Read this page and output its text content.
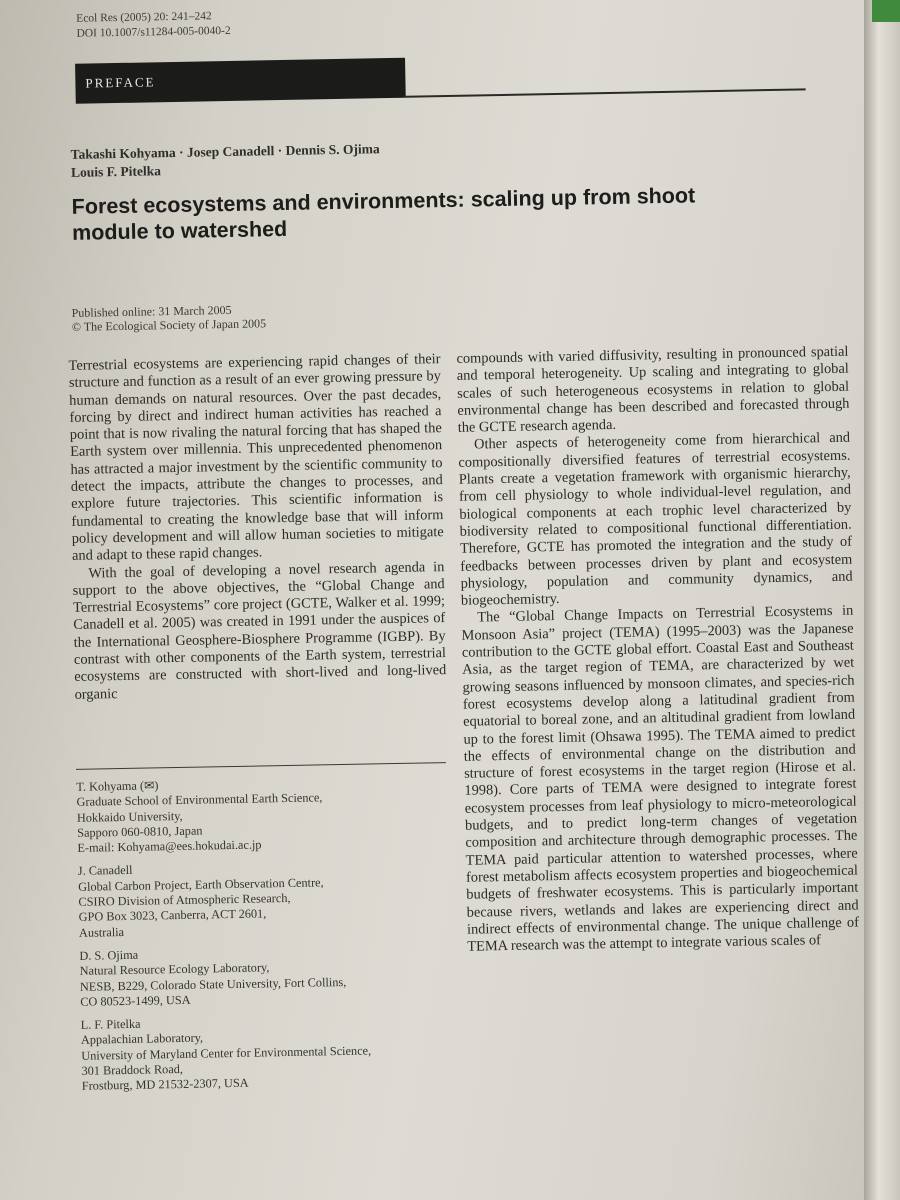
Ecol Res (2005) 20: 241–242
DOI 10.1007/s11284-005-0040-2
PREFACE
Takashi Kohyama · Josep Canadell · Dennis S. Ojima
Louis F. Pitelka
Forest ecosystems and environments: scaling up from shoot module to watershed
Published online: 31 March 2005
© The Ecological Society of Japan 2005

Terrestrial ecosystems are experiencing rapid changes of their structure and function as a result of an ever growing pressure by human demands on natural resources. Over the past decades, forcing by direct and indirect human activities has reached a point that is now rivaling the natural forcing that has shaped the Earth system over millennia. This unprecedented phenomenon has attracted a major investment by the scientific community to detect the impacts, attribute the changes to processes, and explore future trajectories. This scientific information is fundamental to creating the knowledge base that will inform policy development and will allow human societies to mitigate and adapt to these rapid changes.

With the goal of developing a novel research agenda in support to the above objectives, the “Global Change and Terrestrial Ecosystems” core project (GCTE, Walker et al. 1999; Canadell et al. 2005) was created in 1991 under the auspices of the International Geosphere-Biosphere Programme (IGBP). By contrast with other components of the Earth system, terrestrial ecosystems are constructed with short-lived and long-lived organic

T. Kohyama (✉)
Graduate School of Environmental Earth Science,
Hokkaido University,
Sapporo 060-0810, Japan
E-mail: Kohyama@ees.hokudai.ac.jp
J. Canadell
Global Carbon Project, Earth Observation Centre,
CSIRO Division of Atmospheric Research,
GPO Box 3023, Canberra, ACT 2601,
Australia
D. S. Ojima
Natural Resource Ecology Laboratory,
NESB, B229, Colorado State University, Fort Collins,
CO 80523-1499, USA
L. F. Pitelka
Appalachian Laboratory,
University of Maryland Center for Environmental Science,
301 Braddock Road,
Frostburg, MD 21532-2307, USA

compounds with varied diffusivity, resulting in pronounced spatial and temporal heterogeneity. Up scaling and integrating to global scales of such heterogeneous ecosystems in relation to global environmental change has been described and forecasted through the GCTE research agenda.

Other aspects of heterogeneity come from hierarchical and compositionally diversified features of terrestrial ecosystems. Plants create a vegetation framework with organismic hierarchy, from cell physiology to whole individual-level regulation, and biological components at each trophic level characterized by biodiversity related to compositional functional differentiation. Therefore, GCTE has promoted the integration and the study of feedbacks between processes driven by plant and ecosystem physiology, population and community dynamics, and biogeochemistry.

The “Global Change Impacts on Terrestrial Ecosystems in Monsoon Asia” project (TEMA) (1995–2003) was the Japanese contribution to the GCTE global effort. Coastal East and Southeast Asia, as the target region of TEMA, are characterized by wet growing seasons influenced by monsoon climates, and species-rich forest ecosystems develop along a latitudinal gradient from equatorial to boreal zone, and an altitudinal gradient from lowland up to the forest limit (Ohsawa 1995). The TEMA aimed to predict the effects of environmental change on the distribution and structure of forest ecosystems in the target region (Hirose et al. 1998). Core parts of TEMA were designed to integrate forest ecosystem processes from leaf physiology to micro-meteorological budgets, and to predict long-term changes of vegetation composition and architecture through demographic processes. The TEMA paid particular attention to watershed processes, where forest metabolism affects ecosystem properties and biogeochemical budgets of freshwater ecosystems. This is particularly important because rivers, wetlands and lakes are experiencing direct and indirect effects of environmental change. The unique challenge of TEMA research was the attempt to integrate various scales of
